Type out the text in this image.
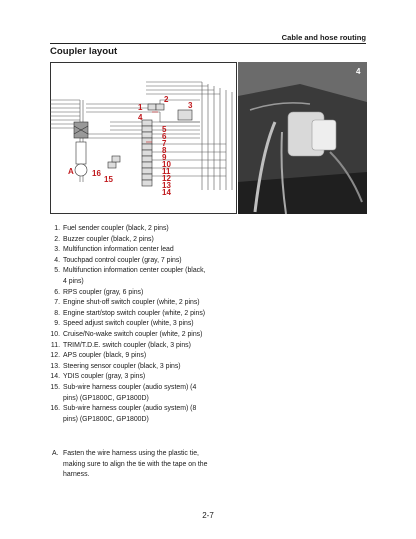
Cable and hose routing
Coupler layout
2
1	3
4
5
6
7
8
9
10
11
12
13
14
15
16
A
4
1. Fuel sender coupler (black, 2 pins)
2. Buzzer coupler (black, 2 pins)
3. Multifunction information center lead
4. Touchpad control coupler (gray, 7 pins)
5. Multifunction information center coupler (black, 4 pins)
6. RPS coupler (gray, 6 pins)
7. Engine shut-off switch coupler (white, 2 pins)
8. Engine start/stop switch coupler (white, 2 pins)
9. Speed adjust switch coupler (white, 3 pins)
10. Cruise/No-wake switch coupler (white, 2 pins)
11. TRIM/T.D.E. switch coupler (black, 3 pins)
12. APS coupler (black, 9 pins)
13. Steering sensor coupler (black, 3 pins)
14. YDIS coupler (gray, 3 pins)
15. Sub-wire harness coupler (audio system) (4 pins) (GP1800C, GP1800D)
16. Sub-wire harness coupler (audio system) (8 pins) (GP1800C, GP1800D)
A. Fasten the wire harness using the plastic tie, making sure to align the tie with the tape on the harness.
2-7
